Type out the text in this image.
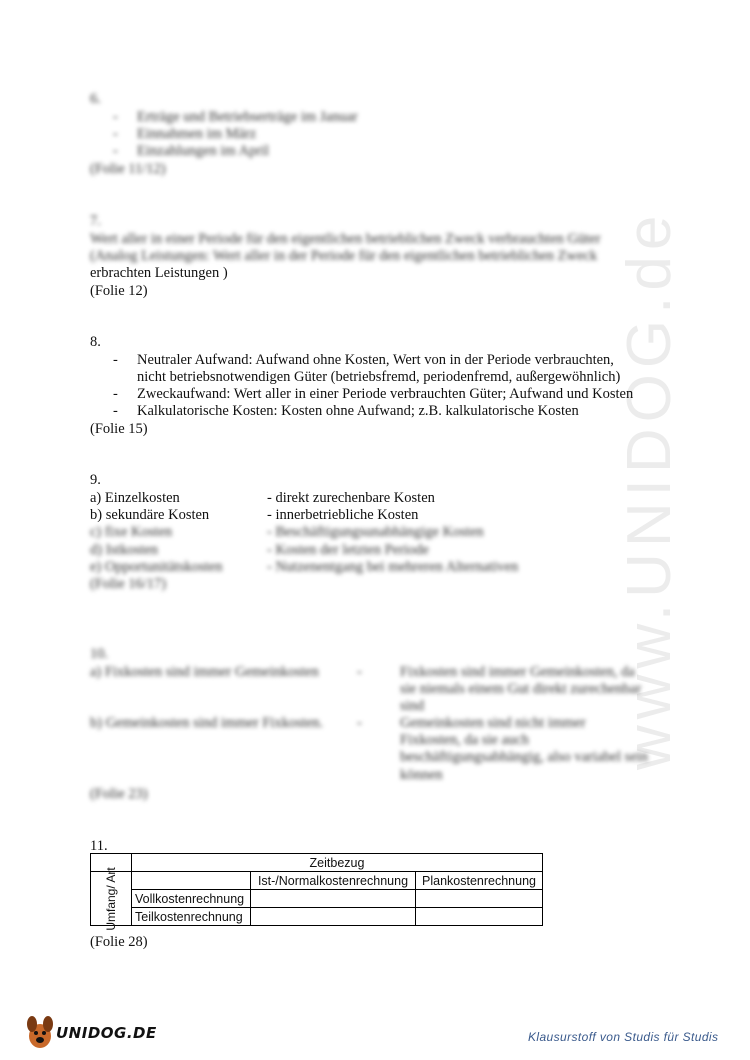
www.UNIDOG.de
6.
- Erträge und Betriebserträge im Januar
- Einnahmen im März
- Einzahlungen im April
(Folie 11/12)
7.
Wert aller in einer Periode für den eigentlichen betrieblichen Zweck verbrauchten Güter
(Analog Leistungen: Wert aller in der Periode für den eigentlichen betrieblichen Zweck
erbrachten Leistungen )
(Folie 12)
8.
- Neutraler Aufwand: Aufwand ohne Kosten, Wert von in der Periode verbrauchten,
nicht betriebsnotwendigen Güter (betriebsfremd, periodenfremd, außergewöhnlich)
- Zweckaufwand: Wert aller in einer Periode verbrauchten Güter; Aufwand und Kosten
- Kalkulatorische Kosten: Kosten ohne Aufwand; z.B. kalkulatorische Kosten
(Folie 15)
9.
a) Einzelkosten	- direkt zurechenbare Kosten
b) sekundäre Kosten	- innerbetriebliche Kosten
c) fixe Kosten	- Beschäftigungsunabhängige Kosten
d) Istkosten	- Kosten der letzten Periode
e) Opportunitätskosten	- Nutzenentgang bei mehreren Alternativen
(Folie 16/17)
10.
a) Fixkosten sind immer Gemeinkosten	-	Fixkosten sind immer Gemeinkosten, da
sie niemals einem Gut direkt zurechenbar
sind
b) Gemeinkosten sind immer Fixkosten. -	Gemeinkosten sind nicht immer
Fixkosten, da sie auch
beschäftigungsabhängig, also variabel sein
können
(Folie 23)
11.
	Zeitbezug		

Umfang/ Art		Ist-/Normalkostenrechnung	Plankostenrechnung
	Vollkostenrechnung		
	Teilkostenrechnung		
(Folie 28)
UNIDOG.DE	Klausurstoff von Studis für Studis
